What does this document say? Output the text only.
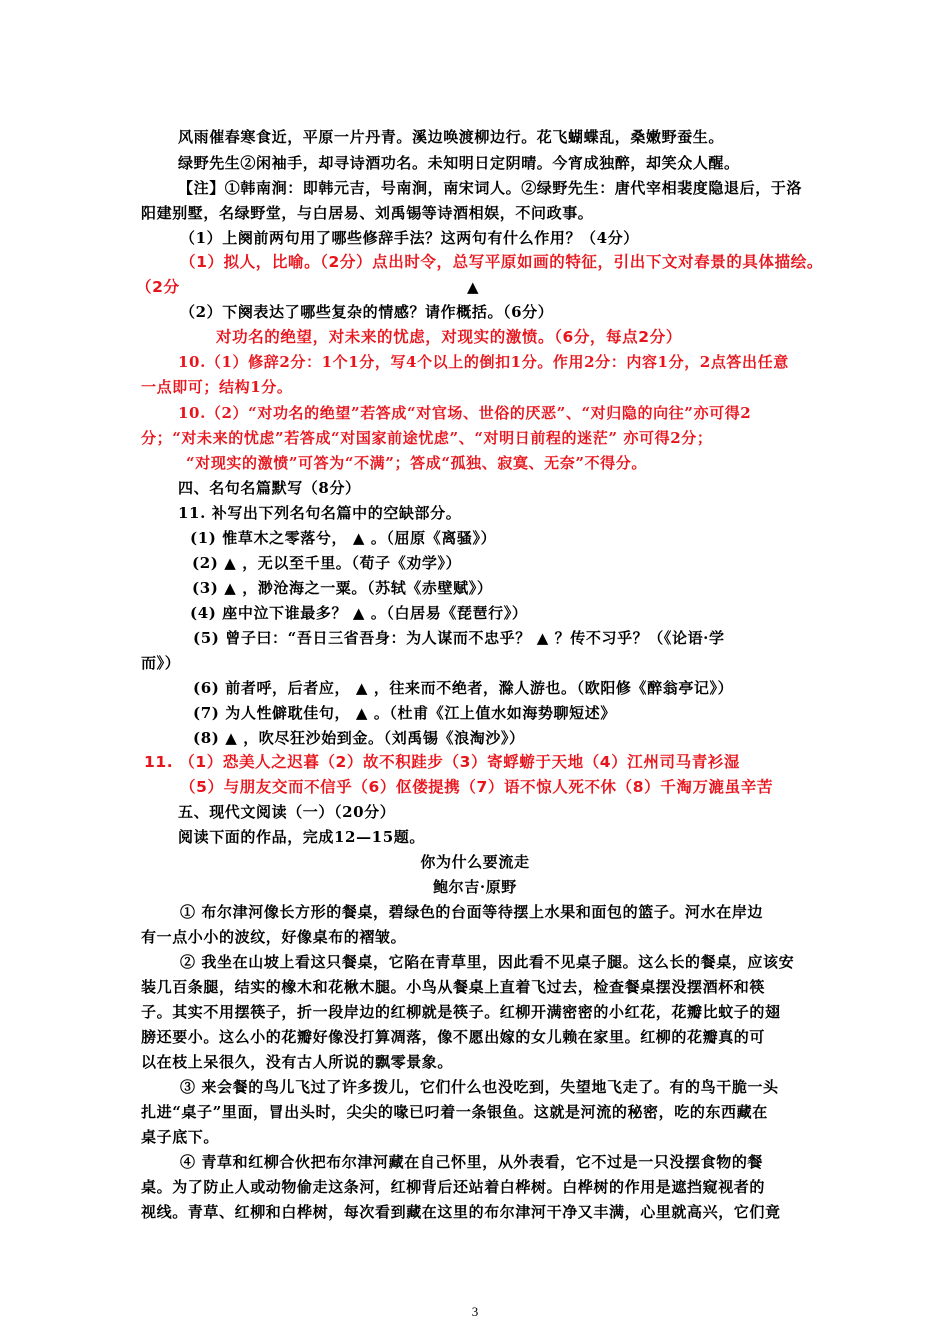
风雨催春寒食近，平原一片丹青。溪边唤渡柳边行。花飞蝴蝶乱，桑嫩野蚕生。
绿野先生②闲袖手，却寻诗酒功名。未知明日定阴晴。今宵成独醉，却笑众人醒。
【注】①韩南涧：即韩元吉，号南涧，南宋词人。②绿野先生：唐代宰相裴度隐退后，于洛
阳建别墅，名绿野堂，与白居易、刘禹锡等诗酒相娱，不问政事。
（1）上阕前两句用了哪些修辞手法？这两句有什么作用？（4分）
（1）拟人，比喻。（2分）点出时令，总写平原如画的特征，引出下文对春景的具体描绘。
（2分	▲
（2）下阕表达了哪些复杂的情感？请作概括。（6分）
对功名的绝望，对未来的忧虑，对现实的激愤。（6分，每点2分）
10.（1）修辞2分：1个1分，写4个以上的倒扣1分。作用2分：内容1分，2点答出任意
一点即可；结构1分。
10.（2）“对功名的绝望”若答成“对官场、世俗的厌恶”、“对归隐的向往”亦可得2
分；“对未来的忧虑”若答成“对国家前途忧虑”、“对明日前程的迷茫” 亦可得2分；
“对现实的激愤”可答为“不满”；答成“孤独、寂寞、无奈”不得分。
四、名句名篇默写（8分）
11. 补写出下列名句名篇中的空缺部分。
(1) 惟草木之零落兮， ▲ 。（屈原《离骚》）
(2) ▲ ，无以至千里。（荀子《劝学》）
(3) ▲ ，渺沧海之一粟。（苏轼《赤壁赋》）
(4) 座中泣下谁最多？ ▲ 。（白居易《琵琶行》）
(5) 曾子曰：“吾日三省吾身：为人谋而不忠乎？ ▲ ？传不习乎？（《论语·学
而》）
(6) 前者呼，后者应， ▲ ，往来而不绝者，滁人游也。（欧阳修《醉翁亭记》）
(7) 为人性僻耽佳句， ▲ 。（杜甫《江上值水如海势聊短述》
(8) ▲ ，吹尽狂沙始到金。（刘禹锡《浪淘沙》）
11. （1）恐美人之迟暮（2）故不积跬步（3）寄蜉蝣于天地（4）江州司马青衫湿
（5）与朋友交而不信乎（6）伛偻提携（7）语不惊人死不休（8）千淘万漉虽辛苦
五、现代文阅读（一）（20分）
阅读下面的作品，完成12—15题。
你为什么要流走
鲍尔吉·原野
① 布尔津河像长方形的餐桌，碧绿色的台面等待摆上水果和面包的篮子。河水在岸边
有一点小小的波纹，好像桌布的褶皱。
② 我坐在山坡上看这只餐桌，它陷在青草里，因此看不见桌子腿。这么长的餐桌，应该安
装几百条腿，结实的橡木和花楸木腿。小鸟从餐桌上直着飞过去，检查餐桌摆没摆酒杯和筷
子。其实不用摆筷子，折一段岸边的红柳就是筷子。红柳开满密密的小红花，花瓣比蚊子的翅
膀还要小。这么小的花瓣好像没打算凋落，像不愿出嫁的女儿赖在家里。红柳的花瓣真的可
以在枝上呆很久，没有古人所说的飘零景象。
③ 来会餐的鸟儿飞过了许多拨儿，它们什么也没吃到，失望地飞走了。有的鸟干脆一头
扎进“桌子”里面，冒出头时，尖尖的喙已叼着一条银鱼。这就是河流的秘密，吃的东西藏在
桌子底下。
④ 青草和红柳合伙把布尔津河藏在自己怀里，从外表看，它不过是一只没摆食物的餐
桌。为了防止人或动物偷走这条河，红柳背后还站着白桦树。白桦树的作用是遮挡窥视者的
视线。青草、红柳和白桦树，每次看到藏在这里的布尔津河干净又丰满，心里就高兴，它们竟
3
